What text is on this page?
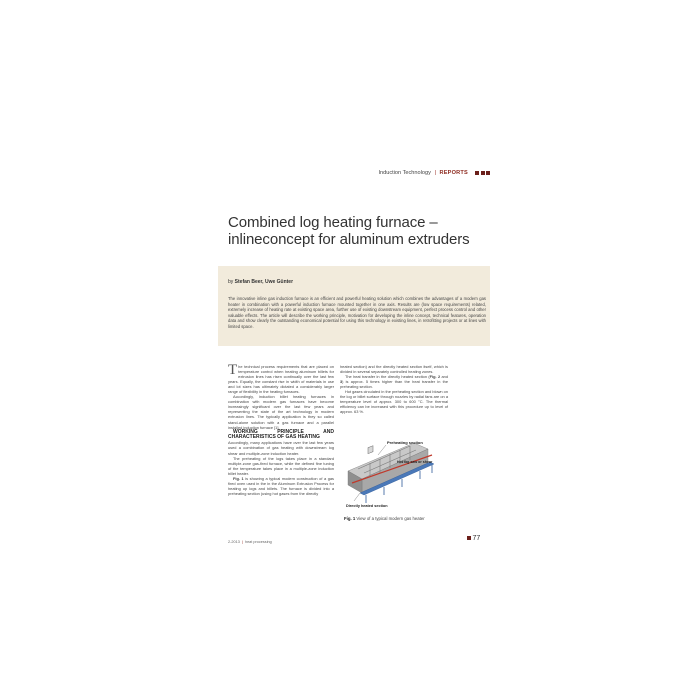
Induction Technology | REPORTS
Combined log heating furnace – inlineconcept for aluminum extruders
by Stefan Beer, Uwe Günter
The innovative inline gas induction furnace is an efficient and powerful heating solution which combines the advantages of a modern gas heater in combination with a powerful induction furnace mounted together in one axis. Results are (low space requirements) related, extremely increase of heating rate at existing space area, further use of existing downstream equipment, perfect process control and other valuable effects. The article will describe the working principle, motivation for developing the inline concept, technical features, operation data and show clearly the outstanding economical potential for using this technology in existing lines, in retrofitting projects or at lines with limited space.

The technical process requirements that are placed on temperature control when heating aluminum billets for extrusion lines has risen continually over the last few years. Equally, the constant rise in width of materials in use and lot sizes has ultimately dictated a considerably larger range of flexibility in the heating furnaces.

Accordingly, induction billet heating furnaces in combination with modern gas furnaces have become increasingly significant over the last few years and representing the state of the art technology in modern extrusion lines. The typically application is they so called stand-alone solution with a gas furnace and a parallel installed induction furnace [1].

WORKING PRINCIPLE AND CHARACTERISTICS OF GAS HEATING

Accordingly, many applications have over the last few years used a combination of gas heating with downstream log shear and multiple-zone induction heater.

The preheating of the logs takes place in a standard multiple-zone gas-fired furnace, while the defined fine tuning of the temperature takes place in a multiple-zone induction billet heater.

Fig. 1 is showing a typical modern construction of a gas fired oven used in the in the Aluminum Extrusion Process for heating up logs and billets. The furnace is divided into a preheating section (using hot gases from the directly

heated section) and the directly heated section itself, which is divided in several separately controlled heating zones.

The heat transfer in the directly heated section (Fig. 2 and 3) is approx. 5 times higher than the heat transfer in the preheating section.

Hot gases circulated in the preheating section and blown on the log or billet surface through nozzles by radial fans are on a temperature level of approx. 300 to 600 °C. The thermal efficiency can be increased with this procedure up to level of approx. 63 %.

Preheating section
Hot log saw or shear
Directly heated section
Fig. 1 View of a typical modern gas heater
2-2013 | heat processing	77
